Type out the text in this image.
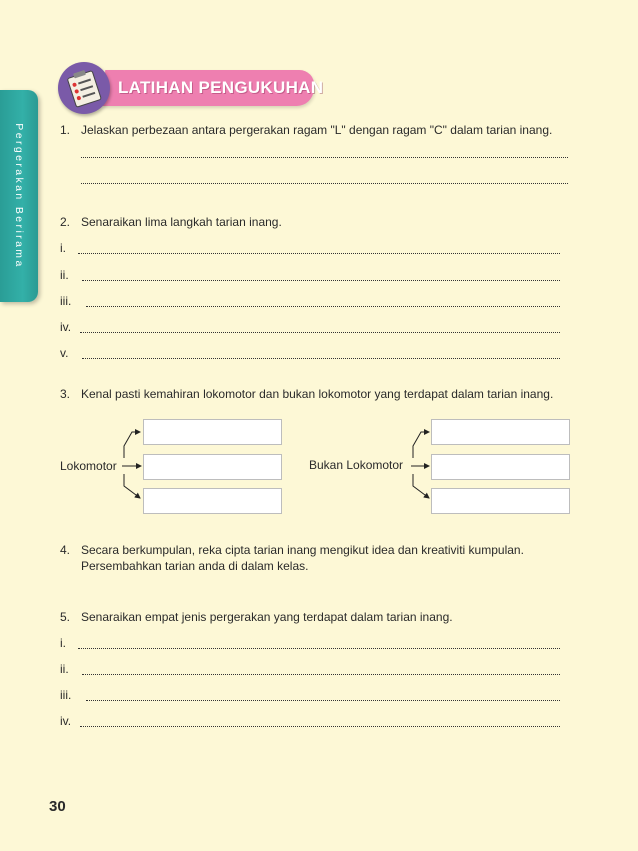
Pergerakan Berirama
LATIHAN PENGUKUHAN
1. Jelaskan perbezaan antara pergerakan ragam "L" dengan ragam "C" dalam tarian inang.
2. Senaraikan lima langkah tarian inang.
i.
ii.
iii.
iv.
v.
3. Kenal pasti kemahiran lokomotor dan bukan lokomotor yang terdapat dalam tarian inang.
Lokomotor	Bukan Lokomotor
4. Secara berkumpulan, reka cipta tarian inang mengikut idea dan kreativiti kumpulan.
Persembahkan tarian anda di dalam kelas.
5. Senaraikan empat jenis pergerakan yang terdapat dalam tarian inang.
i.
ii.
iii.
iv.
30
